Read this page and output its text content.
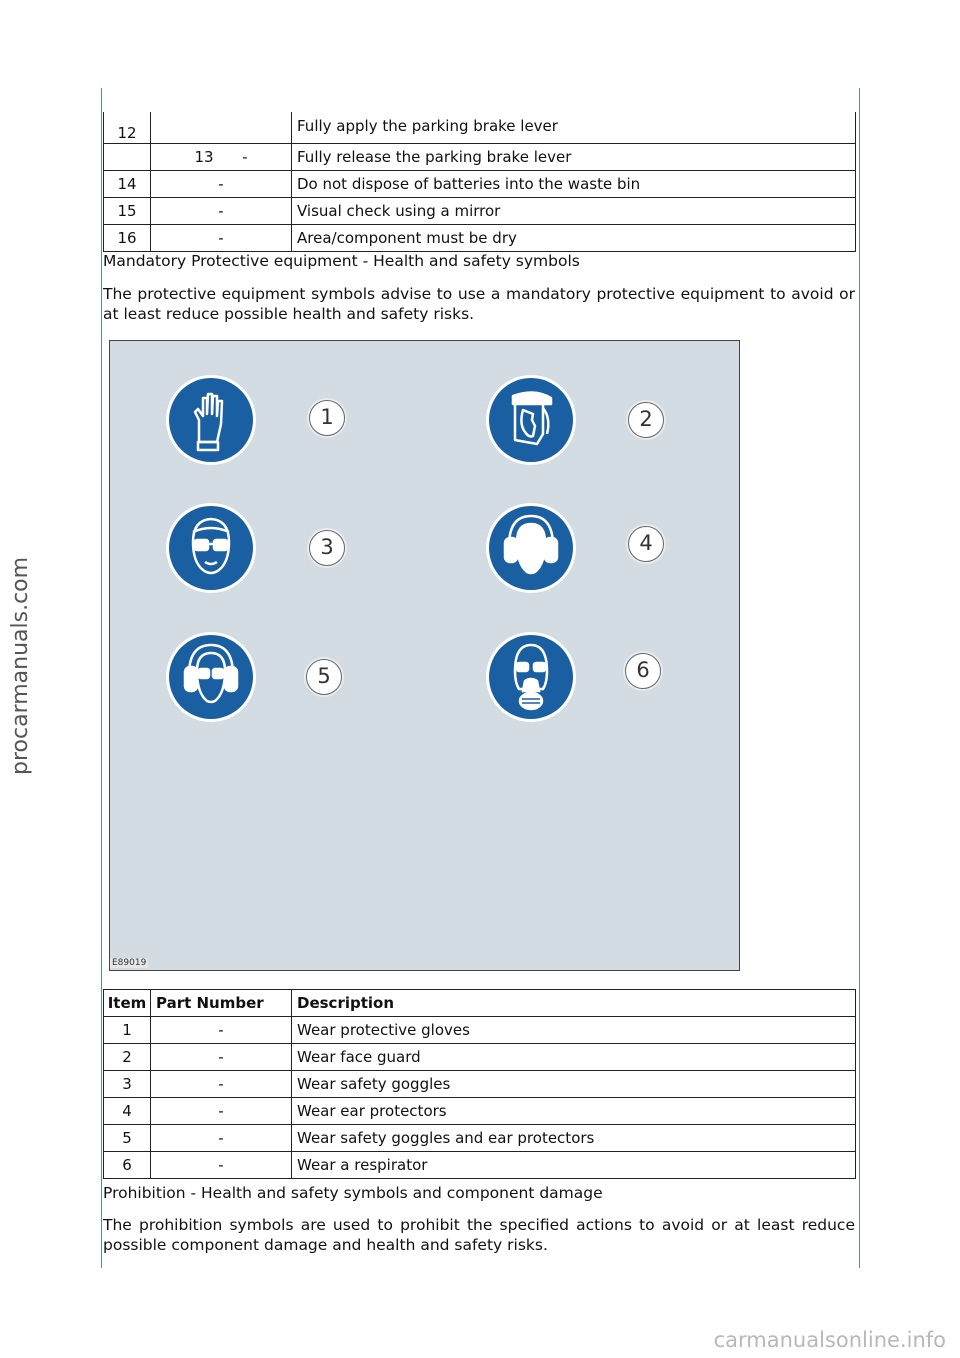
12		Fully apply the parking brake lever
	13      -	Fully release the parking brake lever
14	-	Do not dispose of batteries into the waste bin
15	-	Visual check using a mirror
16	-	Area/component must be dry
Mandatory Protective equipment - Health and safety symbols
The protective equipment symbols advise to use a mandatory protective equipment to avoid or at least reduce possible health and safety risks.
1	2
3	4
5	6
E89019
Item	Part Number	Description
1	-	Wear protective gloves
2	-	Wear face guard
3	-	Wear safety goggles
4	-	Wear ear protectors
5	-	Wear safety goggles and ear protectors
6	-	Wear a respirator
Prohibition - Health and safety symbols and component damage
The prohibition symbols are used to prohibit the specified actions to avoid or at least reduce possible component damage and health and safety risks.
procarmanuals.com
carmanualsonline.info
